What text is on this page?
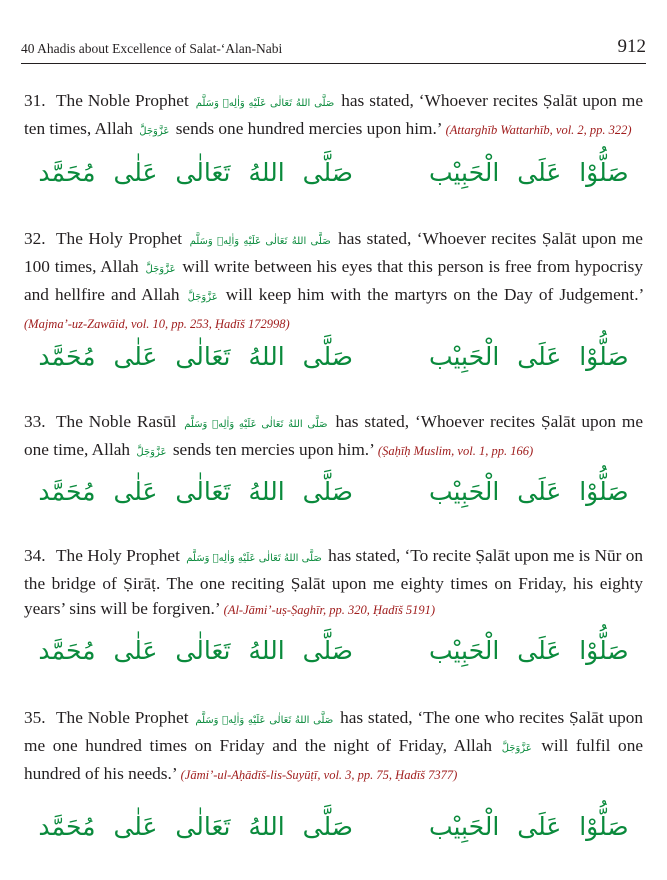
40 Ahadis about Excellence of Salat-‘Alan-Nabi	912
31. The Noble Prophet صَلَّى اللهُ تَعَالٰى عَلَيْهِ وَاٰلِهٖ وَسَلَّم has stated, ‘Whoever recites Ṣalāt upon me ten times, Allah عَزَّوَجَلَّ sends one hundred mercies upon him.’ (Attarghīb Wattarhīb, vol. 2, pp. 322)
صَلُّوْا عَلَى الْحَبِيْب صَلَّى اللهُ تَعَالٰى عَلٰى مُحَمَّد
32. The Holy Prophet صَلَّى اللهُ تَعَالٰى عَلَيْهِ وَاٰلِهٖ وَسَلَّم has stated, ‘Whoever recites Ṣalāt upon me 100 times, Allah عَزَّوَجَلَّ will write between his eyes that this person is free from hypocrisy and hellfire and Allah عَزَّوَجَلَّ will keep him with the martyrs on the Day of Judgement.’ (Majma’-uz-Zawāid, vol. 10, pp. 253, Ḥadīš 172998)
صَلُّوْا عَلَى الْحَبِيْب صَلَّى اللهُ تَعَالٰى عَلٰى مُحَمَّد
33. The Noble Rasūl صَلَّى اللهُ تَعَالٰى عَلَيْهِ وَاٰلِهٖ وَسَلَّم has stated, ‘Whoever recites Ṣalāt upon me one time, Allah عَزَّوَجَلَّ sends ten mercies upon him.’ (Ṣaḥīḥ Muslim, vol. 1, pp. 166)
صَلُّوْا عَلَى الْحَبِيْب صَلَّى اللهُ تَعَالٰى عَلٰى مُحَمَّد
34. The Holy Prophet صَلَّى اللهُ تَعَالٰى عَلَيْهِ وَاٰلِهٖ وَسَلَّم has stated, ‘To recite Ṣalāt upon me is Nūr on the bridge of Ṣirāṭ. The one reciting Ṣalāt upon me eighty times on Friday, his eighty years’ sins will be forgiven.’ (Al-Jāmi’-uṣ-Ṣaghīr, pp. 320, Ḥadīš 5191)
صَلُّوْا عَلَى الْحَبِيْب صَلَّى اللهُ تَعَالٰى عَلٰى مُحَمَّد
35. The Noble Prophet صَلَّى اللهُ تَعَالٰى عَلَيْهِ وَاٰلِهٖ وَسَلَّم has stated, ‘The one who recites Ṣalāt upon me one hundred times on Friday and the night of Friday, Allah عَزَّوَجَلَّ will fulfil one hundred of his needs.’ (Jāmi’-ul-Aḥādīš-lis-Suyūṭī, vol. 3, pp. 75, Ḥadīš 7377)
صَلُّوْا عَلَى الْحَبِيْب صَلَّى اللهُ تَعَالٰى عَلٰى مُحَمَّد
